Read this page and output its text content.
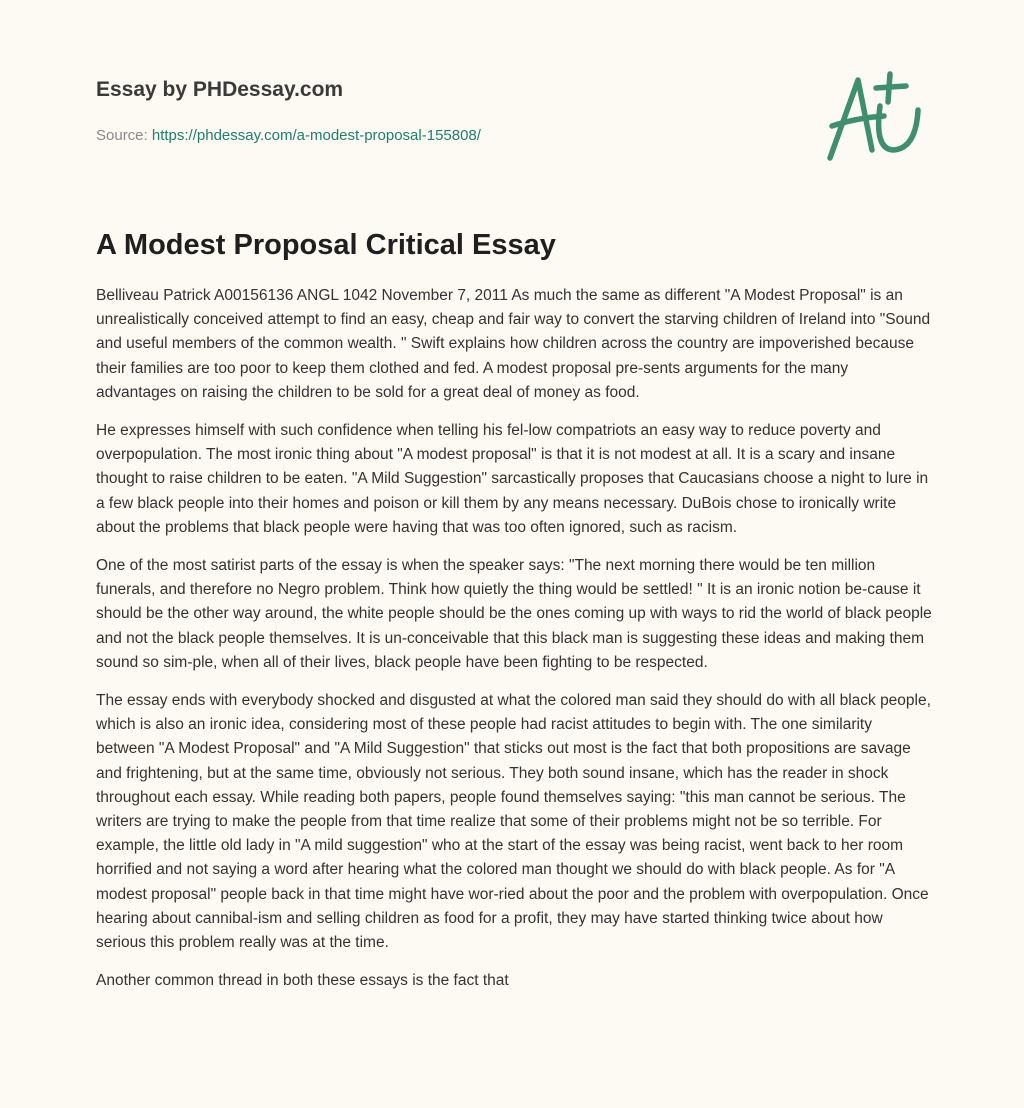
Essay by PHDessay.com
Source: https://phdessay.com/a-modest-proposal-155808/
A Modest Proposal Critical Essay

Belliveau Patrick A00156136 ANGL 1042 November 7, 2011 As much the same as different "A Modest Proposal" is an unrealistically conceived attempt to find an easy, cheap and fair way to convert the starving children of Ireland into "Sound and useful members of the common wealth. " Swift explains how children across the country are impoverished because their families are too poor to keep them clothed and fed. A modest proposal pre-sents arguments for the many advantages on raising the children to be sold for a great deal of money as food.

He expresses himself with such confidence when telling his fel-low compatriots an easy way to reduce poverty and overpopulation. The most ironic thing about "A modest proposal" is that it is not modest at all. It is a scary and insane thought to raise children to be eaten. "A Mild Suggestion" sarcastically proposes that Caucasians choose a night to lure in a few black people into their homes and poison or kill them by any means necessary. DuBois chose to ironically write about the problems that black people were having that was too often ignored, such as racism.

One of the most satirist parts of the essay is when the speaker says: "The next morning there would be ten million funerals, and therefore no Negro problem. Think how quietly the thing would be settled! " It is an ironic notion be-cause it should be the other way around, the white people should be the ones coming up with ways to rid the world of black people and not the black people themselves. It is un-conceivable that this black man is suggesting these ideas and making them sound so sim-ple, when all of their lives, black people have been fighting to be respected.

The essay ends with everybody shocked and disgusted at what the colored man said they should do with all black people, which is also an ironic idea, considering most of these people had racist attitudes to begin with. The one similarity between "A Modest Proposal" and "A Mild Suggestion" that sticks out most is the fact that both propositions are savage and frightening, but at the same time, obviously not serious. They both sound insane, which has the reader in shock throughout each essay. While reading both papers, people found themselves saying: "this man cannot be serious. The writers are trying to make the people from that time realize that some of their problems might not be so terrible. For example, the little old lady in "A mild suggestion" who at the start of the essay was being racist, went back to her room horrified and not saying a word after hearing what the colored man thought we should do with black people. As for "A modest proposal" people back in that time might have wor-ried about the poor and the problem with overpopulation. Once hearing about cannibal-ism and selling children as food for a profit, they may have started thinking twice about how serious this problem really was at the time.

Another common thread in both these essays is the fact that
